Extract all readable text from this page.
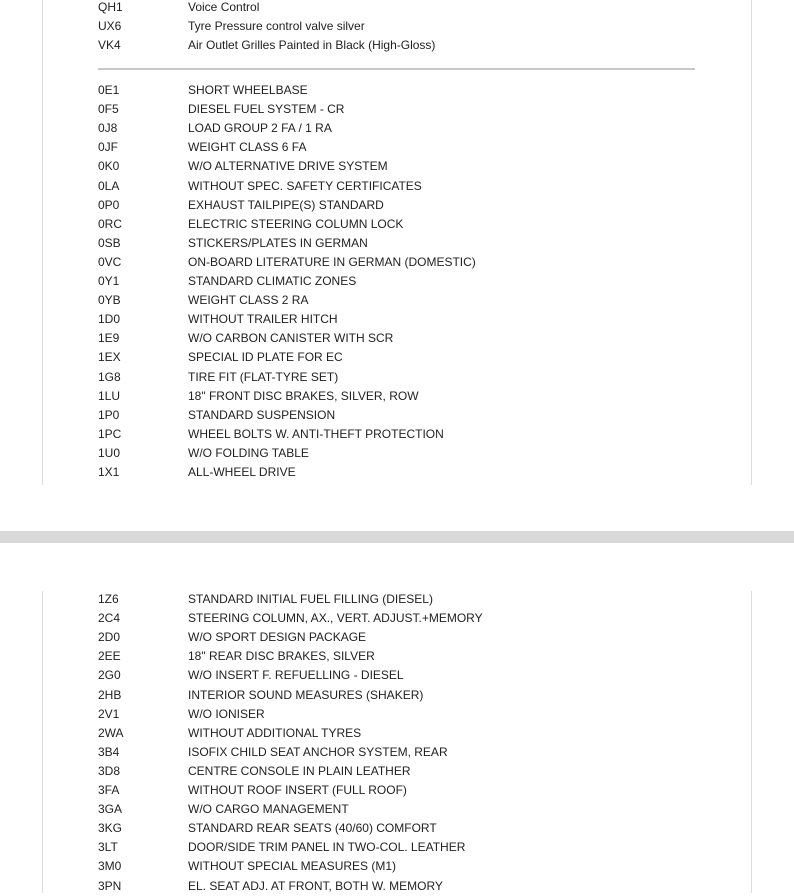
QH1	Voice Control
UX6	Tyre Pressure control valve silver
VK4	Air Outlet Grilles Painted in Black (High-Gloss)
0E1	SHORT WHEELBASE
0F5	DIESEL FUEL SYSTEM - CR
0J8	LOAD GROUP 2 FA / 1 RA
0JF	WEIGHT CLASS 6 FA
0K0	W/O ALTERNATIVE DRIVE SYSTEM
0LA	WITHOUT SPEC. SAFETY CERTIFICATES
0P0	EXHAUST TAILPIPE(S) STANDARD
0RC	ELECTRIC STEERING COLUMN LOCK
0SB	STICKERS/PLATES IN GERMAN
0VC	ON-BOARD LITERATURE IN GERMAN (DOMESTIC)
0Y1	STANDARD CLIMATIC ZONES
0YB	WEIGHT CLASS 2 RA
1D0	WITHOUT TRAILER HITCH
1E9	W/O CARBON CANISTER WITH SCR
1EX	SPECIAL ID PLATE FOR EC
1G8	TIRE FIT (FLAT-TYRE SET)
1LU	18" FRONT DISC BRAKES, SILVER, ROW
1P0	STANDARD SUSPENSION
1PC	WHEEL BOLTS W. ANTI-THEFT PROTECTION
1U0	W/O FOLDING TABLE
1X1	ALL-WHEEL DRIVE
1Z6	STANDARD INITIAL FUEL FILLING (DIESEL)
2C4	STEERING COLUMN, AX., VERT. ADJUST.+MEMORY
2D0	W/O SPORT DESIGN PACKAGE
2EE	18" REAR DISC BRAKES, SILVER
2G0	W/O INSERT F. REFUELLING - DIESEL
2HB	INTERIOR SOUND MEASURES (SHAKER)
2V1	W/O IONISER
2WA	WITHOUT ADDITIONAL TYRES
3B4	ISOFIX CHILD SEAT ANCHOR SYSTEM, REAR
3D8	CENTRE CONSOLE IN PLAIN LEATHER
3FA	WITHOUT ROOF INSERT (FULL ROOF)
3GA	W/O CARGO MANAGEMENT
3KG	STANDARD REAR SEATS (40/60) COMFORT
3LT	DOOR/SIDE TRIM PANEL IN TWO-COL. LEATHER
3M0	WITHOUT SPECIAL MEASURES (M1)
3PN	EL. SEAT ADJ. AT FRONT, BOTH W. MEMORY
